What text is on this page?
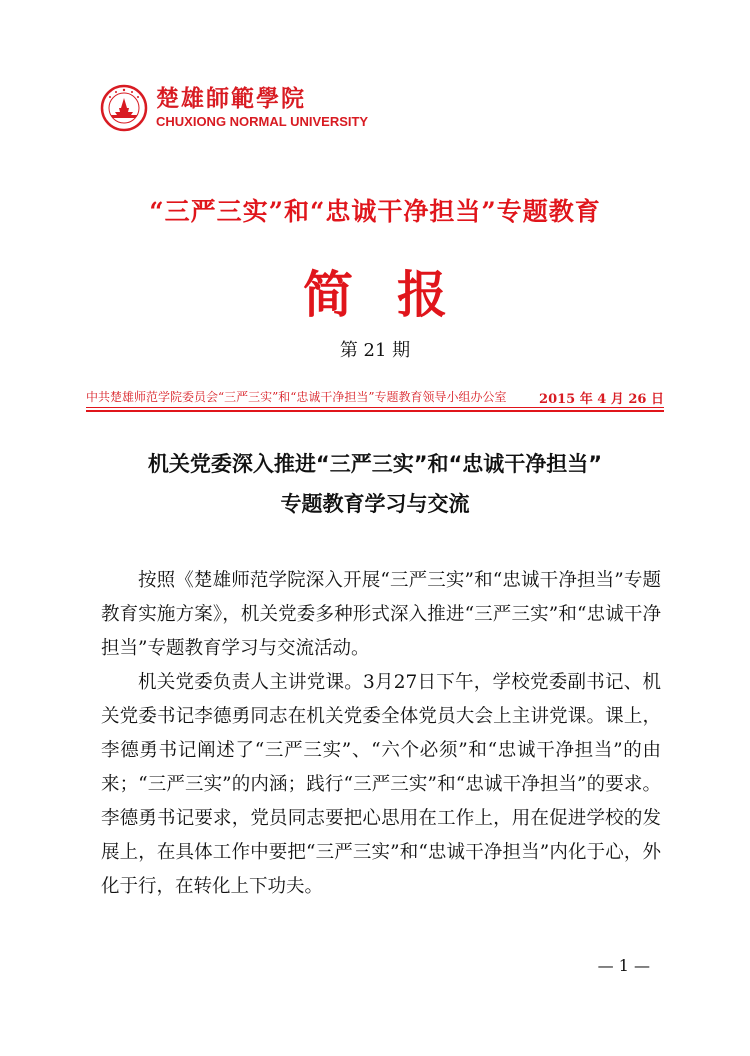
楚雄師範學院
CHUXIONG NORMAL UNIVERSITY
“三严三实”和“忠诚干净担当”专题教育
简报
第 21 期
中共楚雄师范学院委员会“三严三实”和“忠诚干净担当”专题教育领导小组办公室	2015 年 4 月 26 日
机关党委深入推进“三严三实”和“忠诚干净担当”
专题教育学习与交流

按照《楚雄师范学院深入开展“三严三实”和“忠诚干净担当”专题教育实施方案》，机关党委多种形式深入推进“三严三实”和“忠诚干净担当”专题教育学习与交流活动。

机关党委负责人主讲党课。3月27日下午，学校党委副书记、机关党委书记李德勇同志在机关党委全体党员大会上主讲党课。课上，李德勇书记阐述了“三严三实”、“六个必须”和“忠诚干净担当”的由来；“三严三实”的内涵；践行“三严三实”和“忠诚干净担当”的要求。李德勇书记要求，党员同志要把心思用在工作上，用在促进学校的发展上，在具体工作中要把“三严三实”和“忠诚干净担当”内化于心，外化于行，在转化上下功夫。

— 1 —
